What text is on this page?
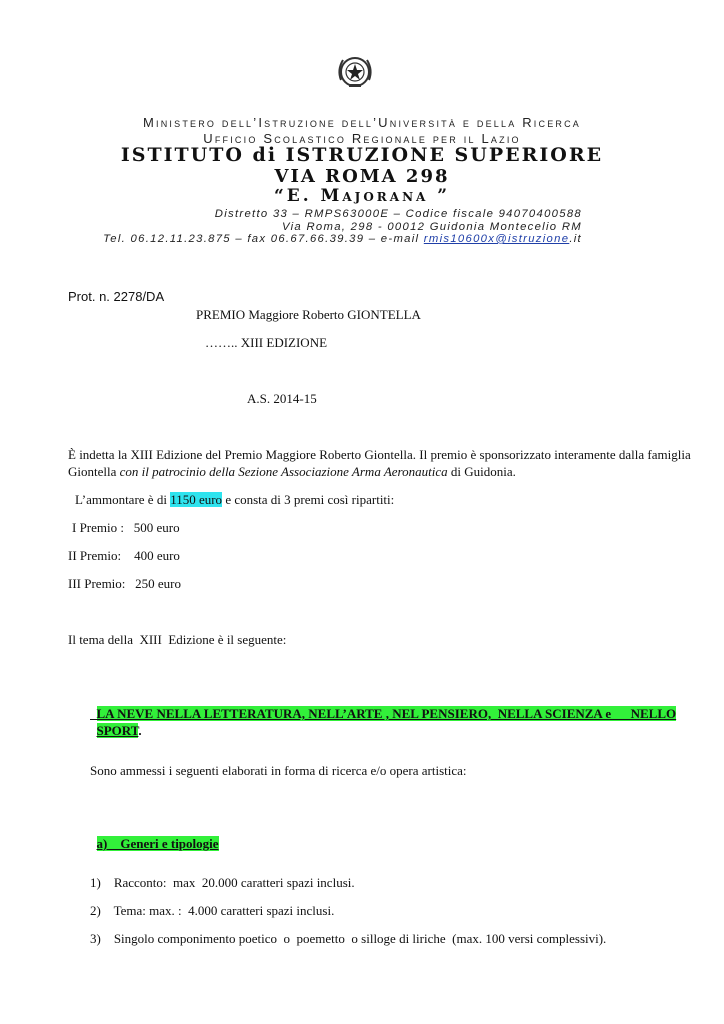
Ministero dell’Istruzione dell’Università e della Ricerca
Ufficio Scolastico Regionale per il Lazio
ISTITUTO di ISTRUZIONE SUPERIORE
VIA ROMA 298
“E. Majorana ”
Distretto 33 – RMPS63000E – Codice fiscale 94070400588
Via Roma, 298 - 00012 Guidonia Montecelio RM
Tel. 06.12.11.23.875 – fax 06.67.66.39.39 – e-mail rmis10600x@istruzione.it
Prot. n. 2278/DA
PREMIO Maggiore Roberto GIONTELLA
…….. XIII EDIZIONE
A.S. 2014-15
È indetta la XIII Edizione del Premio Maggiore Roberto Giontella. Il premio è sponsorizzato interamente dalla famiglia
Giontella con il patrocinio della Sezione Associazione Arma Aeronautica di Guidonia.
L’ammontare è di 1150 euro e consta di 3 premi così ripartiti:
I Premio :   500 euro
II Premio:    400 euro
III Premio:   250 euro
Il tema della  XIII  Edizione è il seguente:

LA NEVE NELLA LETTERATURA, NELL’ARTE , NEL PENSIERO,  NELLA SCIENZA e      NELLO

SPORT.

Sono ammessi i seguenti elaborati in forma di ricerca e/o opera artistica:

a)    Generi e tipologie

1)    Racconto:  max  20.000 caratteri spazi inclusi.
2)    Tema: max. :  4.000 caratteri spazi inclusi.
3)    Singolo componimento poetico  o  poemetto  o silloge di liriche  (max. 100 versi complessivi).
